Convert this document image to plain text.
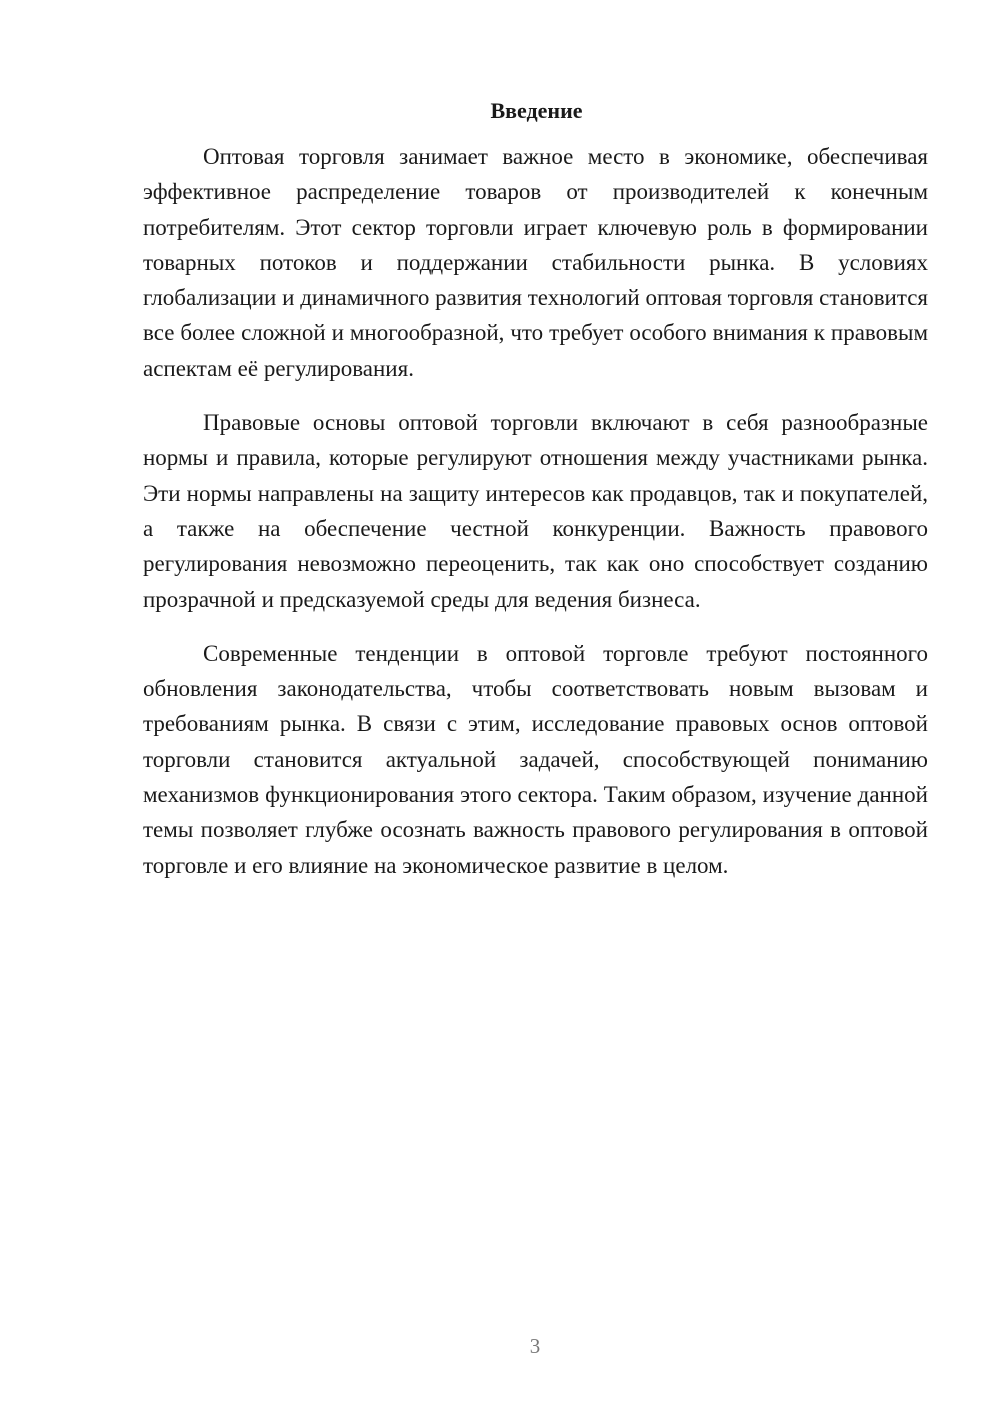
Введение

Оптовая торговля занимает важное место в экономике, обеспечивая эффективное распределение товаров от производителей к конечным потребителям. Этот сектор торговли играет ключевую роль в формировании товарных потоков и поддержании стабильности рынка. В условиях глобализации и динамичного развития технологий оптовая торговля становится все более сложной и многообразной, что требует особого внимания к правовым аспектам её регулирования.

Правовые основы оптовой торговли включают в себя разнообразные нормы и правила, которые регулируют отношения между участниками рынка. Эти нормы направлены на защиту интересов как продавцов, так и покупателей, а также на обеспечение честной конкуренции. Важность правового регулирования невозможно переоценить, так как оно способствует созданию прозрачной и предсказуемой среды для ведения бизнеса.

Современные тенденции в оптовой торговле требуют постоянного обновления законодательства, чтобы соответствовать новым вызовам и требованиям рынка. В связи с этим, исследование правовых основ оптовой торговли становится актуальной задачей, способствующей пониманию механизмов функционирования этого сектора. Таким образом, изучение данной темы позволяет глубже осознать важность правового регулирования в оптовой торговле и его влияние на экономическое развитие в целом.

3
